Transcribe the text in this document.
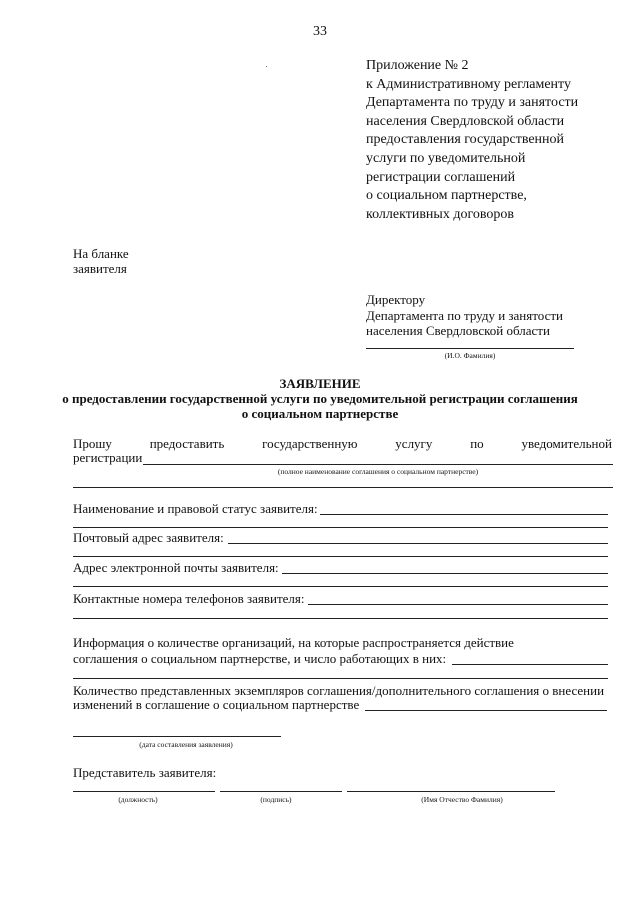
33
Приложение № 2
к Административному регламенту
Департамента по труду и занятости
населения Свердловской области
предоставления государственной
услуги по уведомительной
регистрации соглашений
о социальном партнерстве,
коллективных договоров
На бланке
заявителя
Директору
Департамента по труду и занятости
населения Свердловской области
(И.О. Фамилия)
ЗАЯВЛЕНИЕ
о предоставлении государственной услуги по уведомительной регистрации соглашения
о социальном партнерстве
Прошу	предоставить	государственную	услугу	по	уведомительной
регистрации
(полное наименование соглашения о социальном партнерстве)
Наименование и правовой статус заявителя:
Почтовый адрес заявителя:
Адрес электронной почты заявителя:
Контактные номера телефонов заявителя:
Информация о количестве организаций, на которые распространяется действие
соглашения о социальном партнерстве, и число работающих в них:
Количество представленных экземпляров соглашения/дополнительного соглашения о внесении
изменений в соглашение о социальном партнерстве
(дата составления заявления)
Представитель заявителя:
(должность)	(подпись)	(Имя Отчество Фамилия)
